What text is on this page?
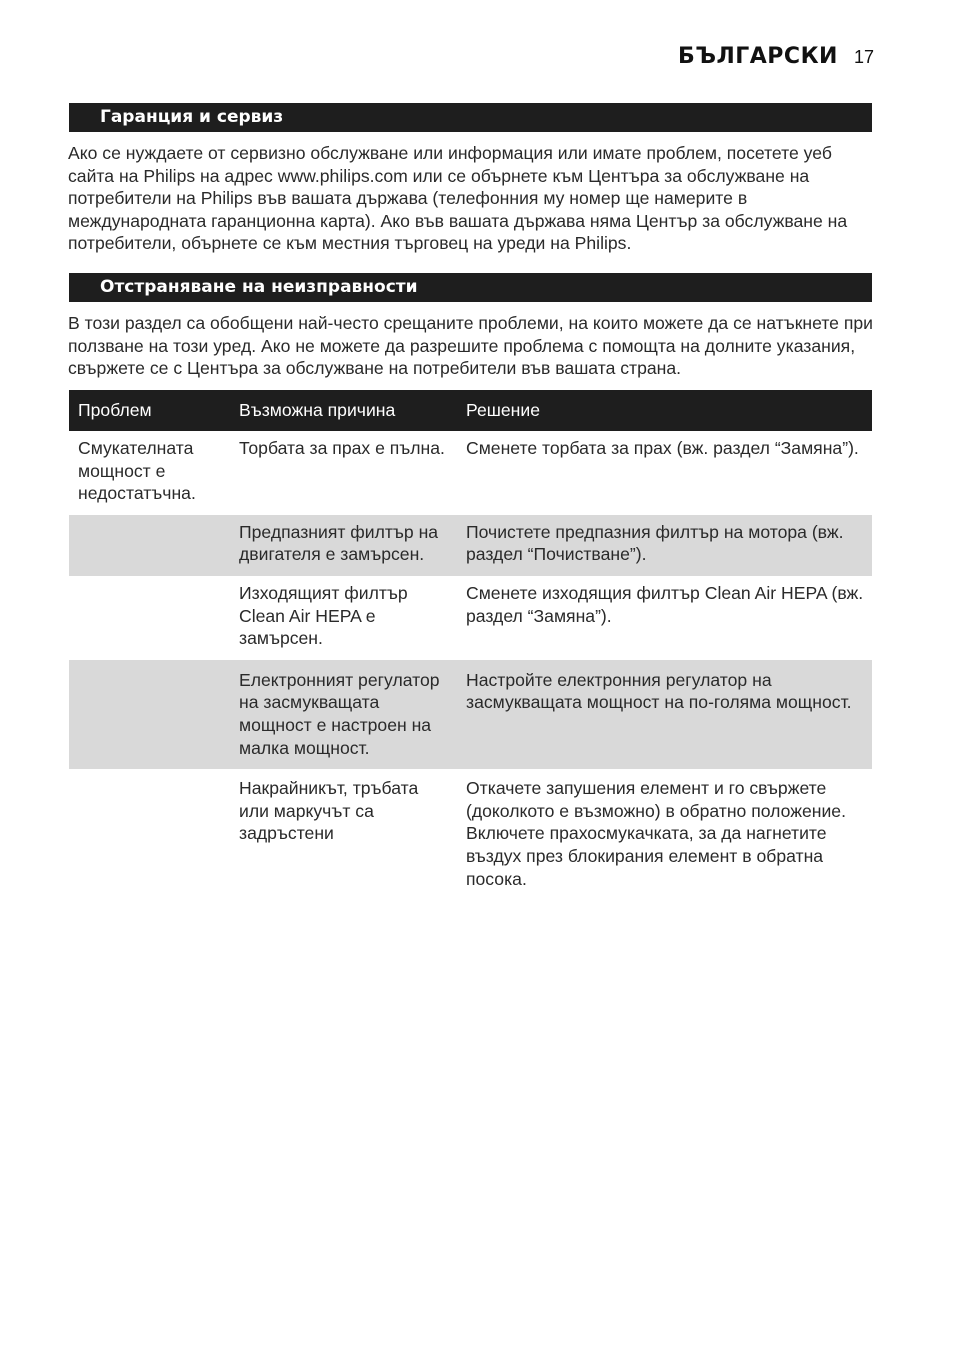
БЪЛГАРСКИ 17
Гаранция и сервиз
Ако се нуждаете от сервизно обслужване или информация или имате проблем, посетете уеб сайта на Philips на адрес www.philips.com или се обърнете към Центъра за обслужване на потребители на Philips във вашата държава (телефонния му номер ще намерите в международната гаранционна карта). Ако във вашата държава няма Център за обслужване на потребители, обърнете се към местния търговец на уреди на Philips.
Отстраняване на неизправности
В този раздел са обобщени най-често срещаните проблеми, на които можете да се натъкнете при ползване на този уред. Ако не можете да разрешите проблема с помощта на долните указания, свържете се с Центъра за обслужване на потребители във вашата страна.
Проблем	Възможна причина	Решение
Смукателната мощност е недостатъчна.	Торбата за прах е пълна.	Сменете торбата за прах (вж. раздел “Замяна”).
	Предпазният филтър на двигателя е замърсен.	Почистете предпазния филтър на мотора (вж. раздел “Почистване”).
	Изходящият филтър Clean Air HEPA е замърсен.	Сменете изходящия филтър Clean Air HEPA (вж. раздел “Замяна”).
	Електронният регулатор на засмукващата мощност е настроен на малка мощност.	Настройте електронния регулатор на засмукващата мощност на по-голяма мощност.
	Накрайникът, тръбата или маркучът са задръстени	Откачете запушения елемент и го свържете (доколкото е възможно) в обратно положение. Включете прахосмукачката, за да нагнетите въздух през блокирания елемент в обратна посока.
